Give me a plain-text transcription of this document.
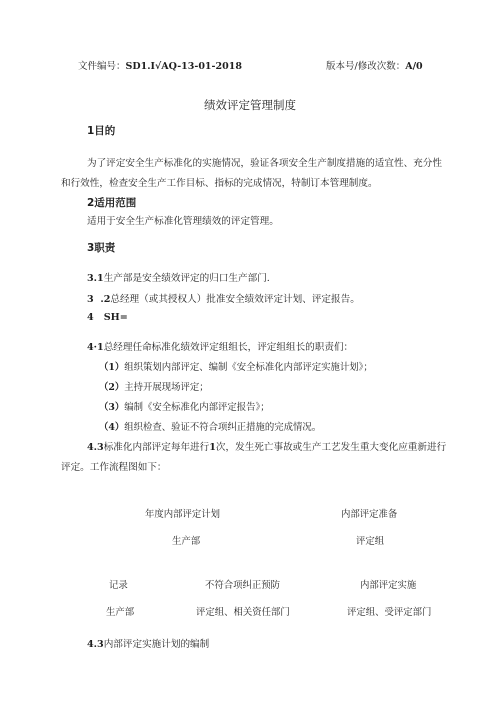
文件编号：SD1.I√AQ-13-01-2018	版本号/修改次数：A/0
绩效评定管理制度
1目的
为了评定安全生产标准化的实施情况，验证各项安全生产制度措施的适宜性、充分性
和行效性，检查安全生产工作目标、指标的完成情况，特制订本管理制度。
2适用范围
适用于安全生产标准化管理绩效的评定管理。
3职责
3.1生产部是安全绩效评定的归口生产部门.
3  .2总经理（或其授权人）批准安全绩效评定计划、评定报告。
4   SH=
4·1总经理任命标准化绩效评定组组长，评定组组长的职责们：
（1）组织策划内部评定、编制《安全标准化内部评定实施计划》；
（2）主持开展现场评定；
（3）编制《安全标准化内部评定报告》；
（4）组织检查、验证不符合项纠正措施的完成情况。
4.3标准化内部评定每年进行1次，发生死亡事故或生产工艺发生重大变化应重新进行
评定。工作流程图如下：
年度内部评定计划	内部评定准备
生产部	评定组
记录	不符合项纠正预防	内部评定实施
生产部	评定组、相关资任部门	评定组、受评定部门
4.3内部评定实施计划的编制
